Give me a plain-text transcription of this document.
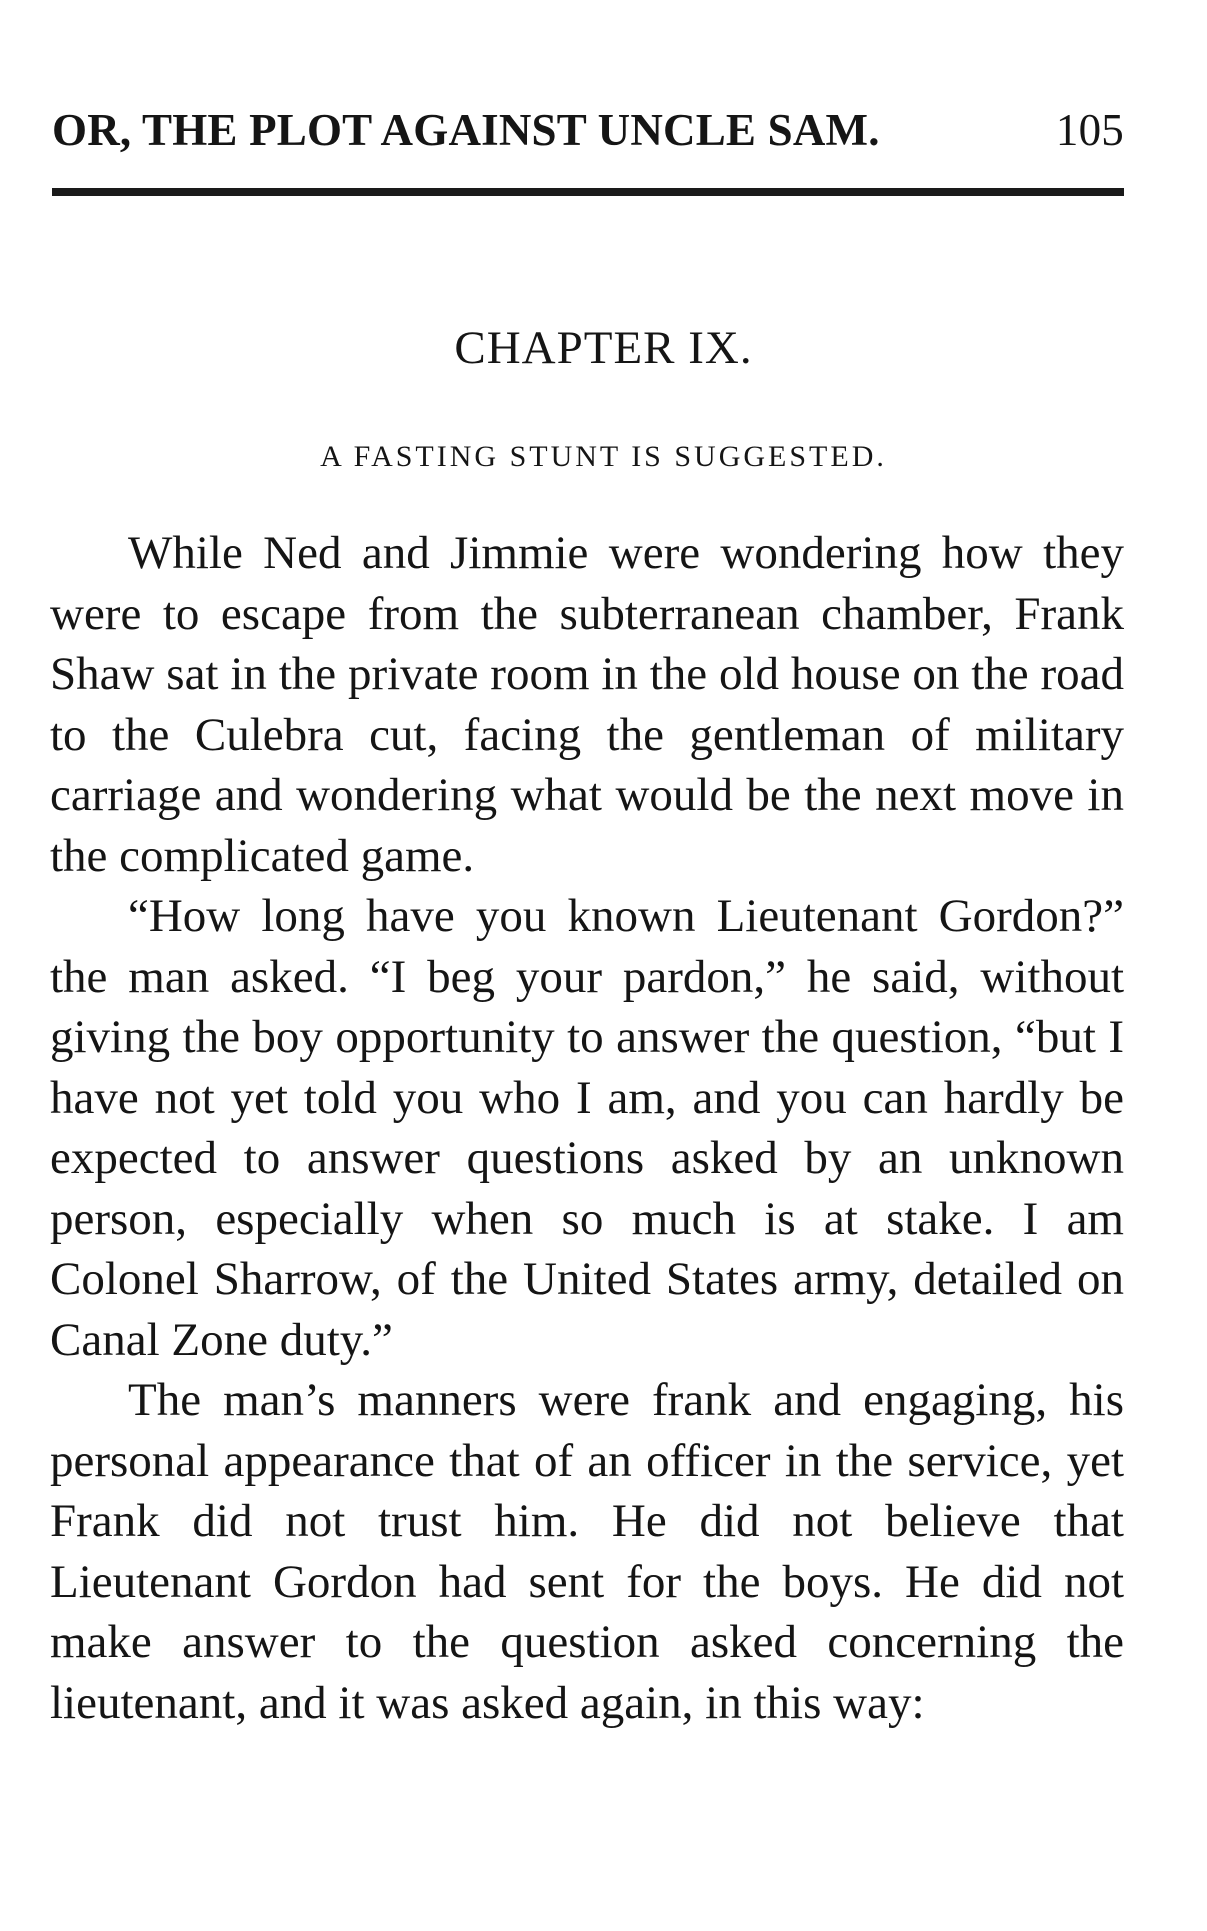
OR, THE PLOT AGAINST UNCLE SAM.	105
CHAPTER IX.
A FASTING STUNT IS SUGGESTED.

While Ned and Jimmie were wondering how they were to escape from the subterranean chamber, Frank Shaw sat in the private room in the old house on the road to the Culebra cut, facing the gentleman of military carriage and wondering what would be the next move in the complicated game.

“How long have you known Lieutenant Gordon?” the man asked. “I beg your pardon,” he said, without giving the boy opportunity to answer the question, “but I have not yet told you who I am, and you can hardly be expected to answer questions asked by an unknown person, especially when so much is at stake. I am Colonel Sharrow, of the United States army, detailed on Canal Zone duty.”

The man’s manners were frank and engaging, his personal appearance that of an officer in the service, yet Frank did not trust him. He did not believe that Lieutenant Gordon had sent for the boys. He did not make answer to the question asked concerning the lieutenant, and it was asked again, in this way:
